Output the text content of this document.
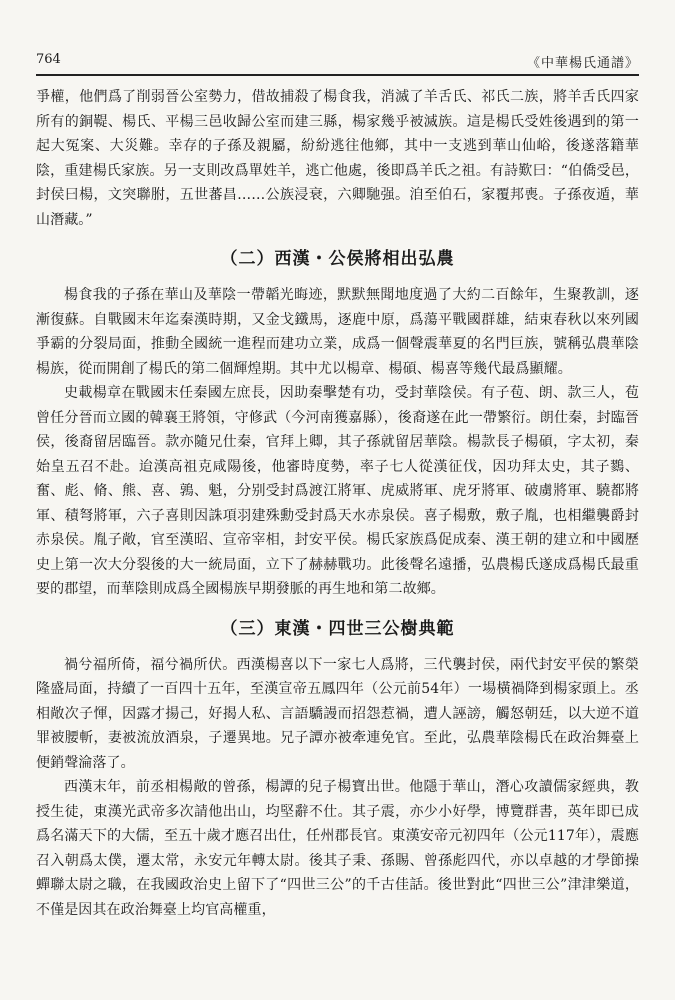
764	《中華楊氏通譜》

爭權，他們爲了削弱晉公室勢力，借故捕殺了楊食我，消滅了羊舌氏、祁氏二族，將羊舌氏四家所有的銅鞮、楊氏、平楊三邑收歸公室而建三縣，楊家幾乎被滅族。這是楊氏受姓後遇到的第一起大冤案、大災難。幸存的子孫及親屬，紛紛逃往他鄉，其中一支逃到華山仙峪，後遂落籍華陰，重建楊氏家族。另一支則改爲單姓羊，逃亡他處，後即爲羊氏之祖。有詩歎曰：“伯僑受邑，封侯曰楊，文突聯胕，五世蕃昌……公族浸衰，六卿馳强。洎至伯石，家覆邦喪。子孫夜遁，華山潛藏。”

（二）西漢・公侯將相出弘農

楊食我的子孫在華山及華陰一帶韜光晦迹，默默無聞地度過了大約二百餘年，生聚教訓，逐漸復蘇。自戰國末年迄秦漢時期，又金戈鐵馬，逐鹿中原，爲蕩平戰國群雄，結束春秋以來列國爭霸的分裂局面，推動全國統一進程而建功立業，成爲一個聲震華夏的名門巨族，號稱弘農華陰楊族，從而開創了楊氏的第二個輝煌期。其中尤以楊章、楊碩、楊喜等幾代最爲顯耀。

史載楊章在戰國末任秦國左庶長，因助秦擊楚有功，受封華陰侯。有子苞、朗、款三人，苞曾任分晉而立國的韓襄王將領，守修武（今河南獲嘉縣），後裔遂在此一帶繁衍。朗仕秦，封臨晉侯，後裔留居臨晉。款亦隨兄仕秦，官拜上卿，其子孫就留居華陰。楊款長子楊碩，字太初，秦始皇五召不赴。迨漢高祖克咸陽後，他審時度勢，率子七人從漢征伐，因功拜太史，其子鷚、奮、彪、脩、熊、喜、鶉、魁，分别受封爲渡江將軍、虎威將軍、虎牙將軍、破虜將軍、驍都將軍、積弩將軍，六子喜則因誅項羽建殊勳受封爲天水赤泉侯。喜子楊敷，敷子胤，也相繼襲爵封赤泉侯。胤子敞，官至漢昭、宣帝宰相，封安平侯。楊氏家族爲促成秦、漢王朝的建立和中國歷史上第一次大分裂後的大一統局面，立下了赫赫戰功。此後聲名遠播，弘農楊氏遂成爲楊氏最重要的郡望，而華陰則成爲全國楊族早期發脈的再生地和第二故鄉。

（三）東漢・四世三公樹典範

禍兮福所倚，福兮禍所伏。西漢楊喜以下一家七人爲將，三代襲封侯，兩代封安平侯的繁榮隆盛局面，持續了一百四十五年，至漢宣帝五鳳四年（公元前54年）一場橫禍降到楊家頭上。丞相敞次子惲，因露才揚己，好揭人私、言語驕謾而招怨惹禍，遭人誣謗，觸怒朝廷，以大逆不道罪被腰斬，妻被流放酒泉，子遷異地。兄子譚亦被牽連免官。至此，弘農華陰楊氏在政治舞臺上便銷聲淪落了。

西漢末年，前丞相楊敞的曾孫，楊譚的兒子楊寶出世。他隱于華山，潛心攻讀儒家經典，教授生徒，東漢光武帝多次請他出山，均堅辭不仕。其子震，亦少小好學，博覽群書，英年即已成爲名滿天下的大儒，至五十歲才應召出仕，任州郡長官。東漢安帝元初四年（公元117年），震應召入朝爲太僕，遷太常，永安元年轉太尉。後其子秉、孫賜、曾孫彪四代，亦以卓越的才學節操蟬聯太尉之職，在我國政治史上留下了“四世三公”的千古佳話。後世對此“四世三公”津津樂道，不僅是因其在政治舞臺上均官高權重，
